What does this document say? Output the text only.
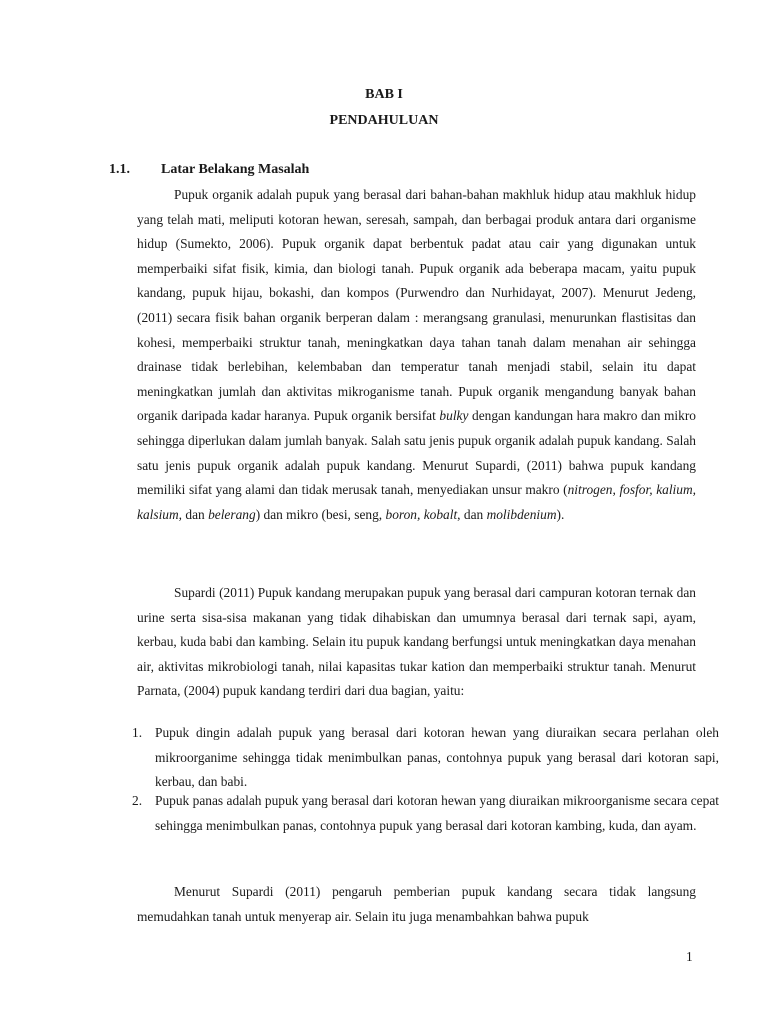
BAB I
PENDAHULUAN
1.1. Latar Belakang Masalah

Pupuk organik adalah pupuk yang berasal dari bahan-bahan makhluk hidup atau makhluk hidup yang telah mati, meliputi kotoran hewan, seresah, sampah, dan berbagai produk antara dari organisme hidup (Sumekto, 2006). Pupuk organik dapat berbentuk padat atau cair yang digunakan untuk memperbaiki sifat fisik, kimia, dan biologi tanah. Pupuk organik ada beberapa macam, yaitu pupuk kandang, pupuk hijau, bokashi, dan kompos (Purwendro dan Nurhidayat, 2007). Menurut Jedeng, (2011) secara fisik bahan organik berperan dalam : merangsang granulasi, menurunkan flastisitas dan kohesi, memperbaiki struktur tanah, meningkatkan daya tahan tanah dalam menahan air sehingga drainase tidak berlebihan, kelembaban dan temperatur tanah menjadi stabil, selain itu dapat meningkatkan jumlah dan aktivitas mikroganisme tanah. Pupuk organik mengandung banyak bahan organik daripada kadar haranya. Pupuk organik bersifat bulky dengan kandungan hara makro dan mikro sehingga diperlukan dalam jumlah banyak. Salah satu jenis pupuk organik adalah pupuk kandang. Salah satu jenis pupuk organik adalah pupuk kandang. Menurut Supardi, (2011) bahwa pupuk kandang memiliki sifat yang alami dan tidak merusak tanah, menyediakan unsur makro (nitrogen, fosfor, kalium, kalsium, dan belerang) dan mikro (besi, seng, boron, kobalt, dan molibdenium).

Supardi (2011) Pupuk kandang merupakan pupuk yang berasal dari campuran kotoran ternak dan urine serta sisa-sisa makanan yang tidak dihabiskan dan umumnya berasal dari ternak sapi, ayam, kerbau, kuda babi dan kambing. Selain itu pupuk kandang berfungsi untuk meningkatkan daya menahan air, aktivitas mikrobiologi tanah, nilai kapasitas tukar kation dan memperbaiki struktur tanah. Menurut Parnata, (2004) pupuk kandang terdiri dari dua bagian, yaitu:

1. Pupuk dingin adalah pupuk yang berasal dari kotoran hewan yang diuraikan secara perlahan oleh mikroorganime sehingga tidak menimbulkan panas, contohnya pupuk yang berasal dari kotoran sapi, kerbau, dan babi.
2. Pupuk panas adalah pupuk yang berasal dari kotoran hewan yang diuraikan mikroorganisme secara cepat sehingga menimbulkan panas, contohnya pupuk yang berasal dari kotoran kambing, kuda, dan ayam.

Menurut Supardi (2011) pengaruh pemberian pupuk kandang secara tidak langsung memudahkan tanah untuk menyerap air. Selain itu juga menambahkan bahwa pupuk

1
